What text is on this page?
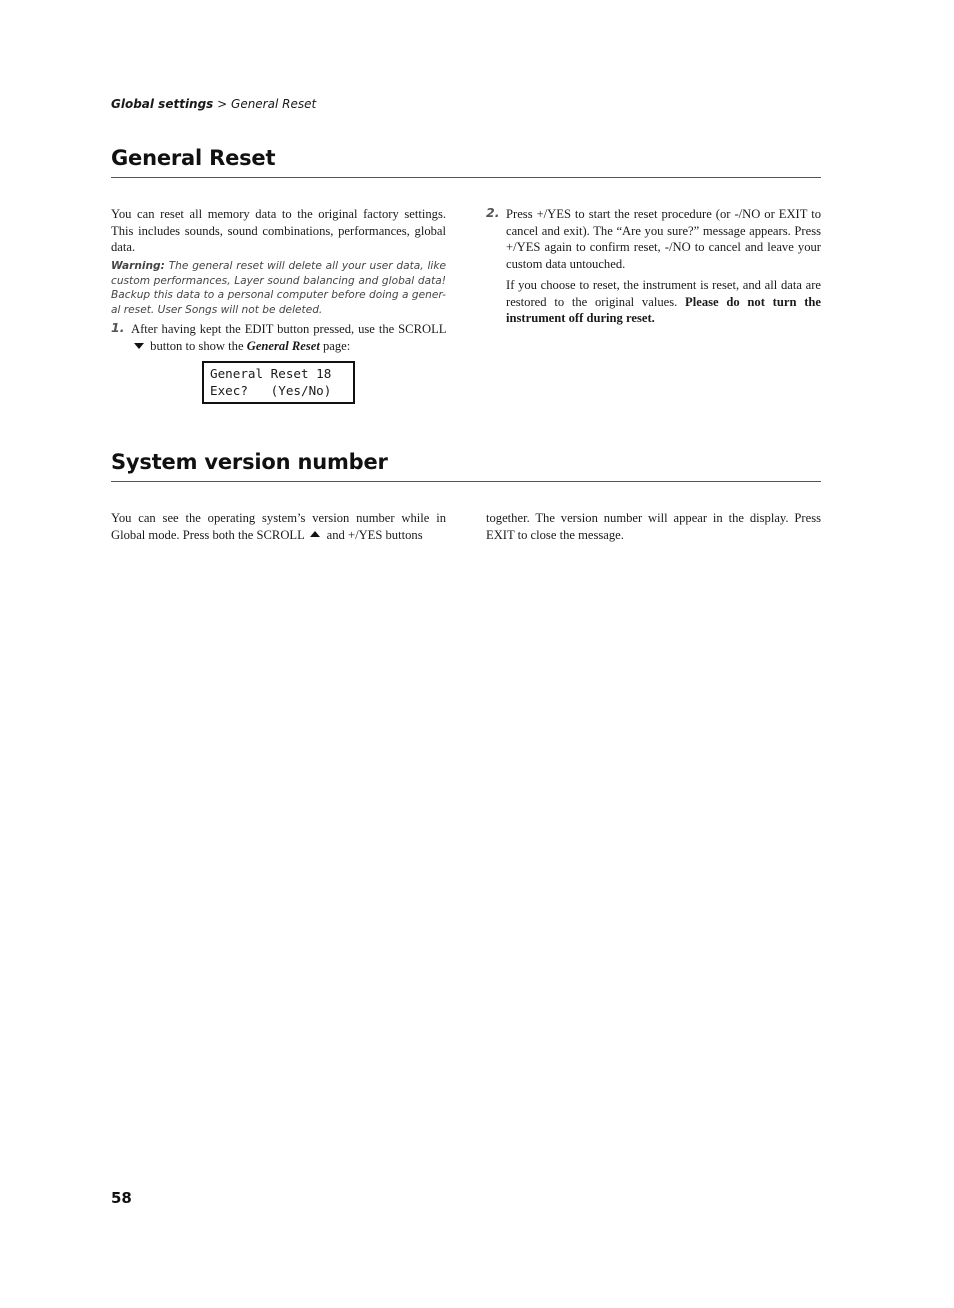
Global settings > General Reset
General Reset
You can reset all memory data to the original factory settings. This includes sounds, sound combinations, performances, global data.
Warning: The general reset will delete all your user data, like custom performances, Layer sound balancing and global data! Backup this data to a personal computer before doing a gener-al reset. User Songs will not be deleted.
1. After having kept the EDIT button pressed, use the SCROLL  button to show the General Reset page:
General Reset 18
Exec?   (Yes/No)
2. Press +/YES to start the reset procedure (or -/NO or EXIT to cancel and exit). The “Are you sure?” message appears. Press +/YES again to confirm reset, -/NO to cancel and leave your custom data untouched.
If you choose to reset, the instrument is reset, and all data are restored to the original values. Please do not turn the instrument off during reset.
System version number
You can see the operating system’s version number while in Global mode. Press both the SCROLL and +/YES buttons
together. The version number will appear in the display. Press EXIT to close the message.
58
